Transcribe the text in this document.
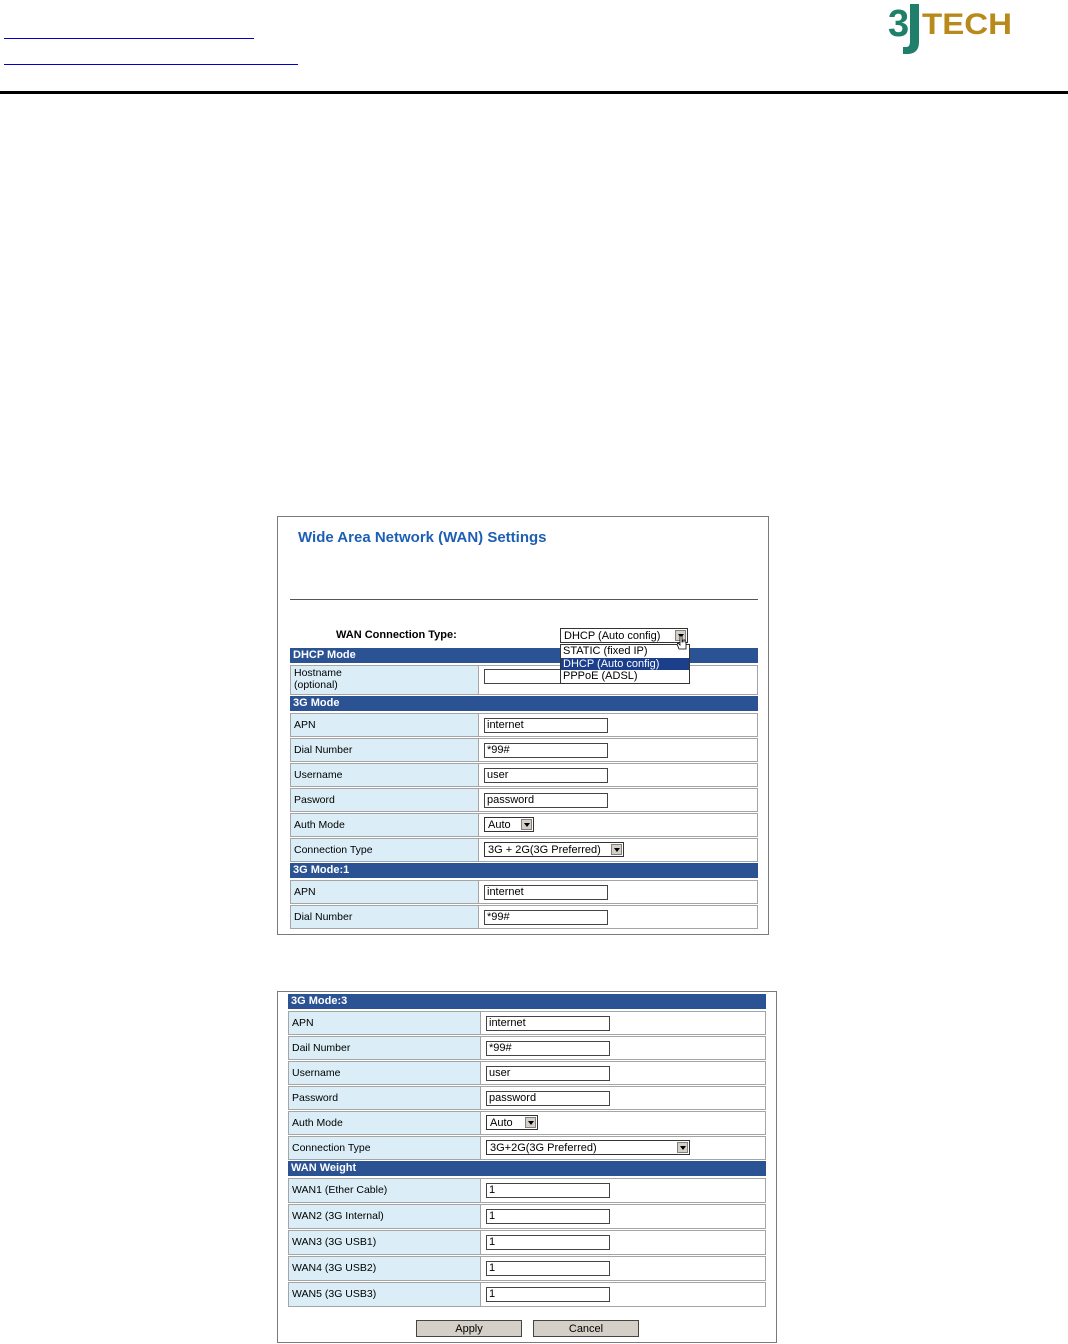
3 TECH
Wide Area Network (WAN) Settings
WAN Connection Type:	DHCP (Auto config)
STATIC (fixed IP)
DHCP (Auto config)
PPPoE (ADSL)
DHCP Mode
Hostname
(optional)
3G Mode
APN	internet
Dial Number	*99#
Username	user
Pasword	password
Auth Mode	Auto
Connection Type	3G + 2G(3G Preferred)
3G Mode:1
APN	internet
Dial Number	*99#
3G Mode:3
APN	internet
Dail Number	*99#
Username	user
Password	password
Auth Mode	Auto
Connection Type	3G+2G(3G Preferred)
WAN Weight
WAN1 (Ether Cable)	1
WAN2 (3G Internal)	1
WAN3 (3G USB1)	1
WAN4 (3G USB2)	1
WAN5 (3G USB3)	1
Apply	Cancel
